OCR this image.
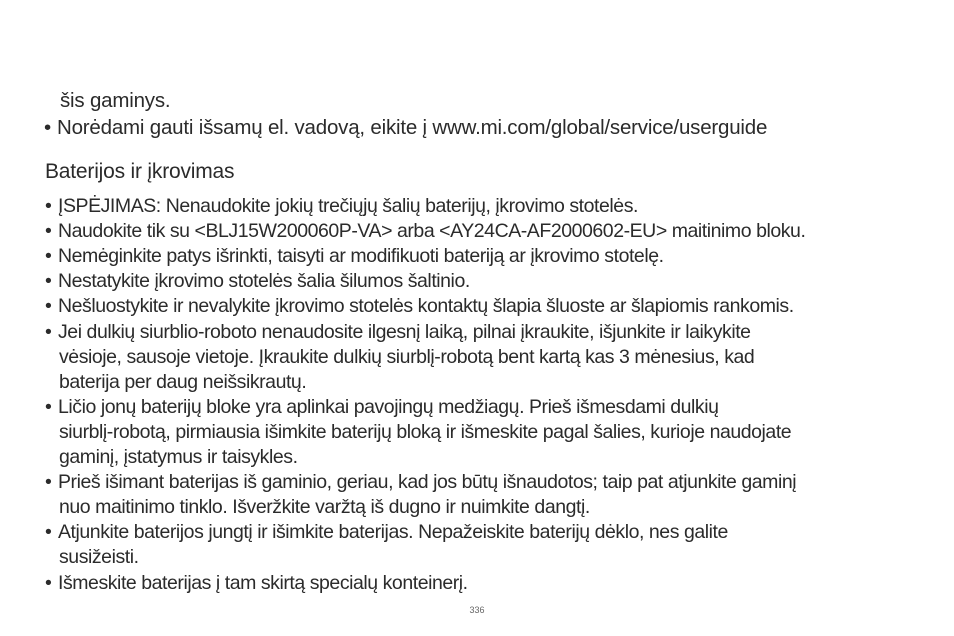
šis gaminys.
• Norėdami gauti išsamų el. vadovą, eikite į www.mi.com/global/service/userguide
Baterijos ir įkrovimas
• ĮSPĖJIMAS: Nenaudokite jokių trečiųjų šalių baterijų, įkrovimo stotelės.
• Naudokite tik su <BLJ15W200060P-VA> arba <AY24CA-AF2000602-EU> maitinimo bloku.
• Nemėginkite patys išrinkti, taisyti ar modifikuoti bateriją ar įkrovimo stotelę.
• Nestatykite įkrovimo stotelės šalia šilumos šaltinio.
• Nešluostykite ir nevalykite įkrovimo stotelės kontaktų šlapia šluoste ar šlapiomis rankomis.
• Jei dulkių siurblio-roboto nenaudosite ilgesnį laiką, pilnai įkraukite, išjunkite ir laikykite
vėsioje, sausoje vietoje. Įkraukite dulkių siurblį-robotą bent kartą kas 3 mėnesius, kad
baterija per daug neišsikrautų.
• Ličio jonų baterijų bloke yra aplinkai pavojingų medžiagų. Prieš išmesdami dulkių
siurblį-robotą, pirmiausia išimkite baterijų bloką ir išmeskite pagal šalies, kurioje naudojate
gaminį, įstatymus ir taisykles.
• Prieš išimant baterijas iš gaminio, geriau, kad jos būtų išnaudotos; taip pat atjunkite gaminį
nuo maitinimo tinklo. Išveržkite varžtą iš dugno ir nuimkite dangtį.
• Atjunkite baterijos jungtį ir išimkite baterijas. Nepažeiskite baterijų dėklo, nes galite
susižeisti.
• Išmeskite baterijas į tam skirtą specialų konteinerį.
336
